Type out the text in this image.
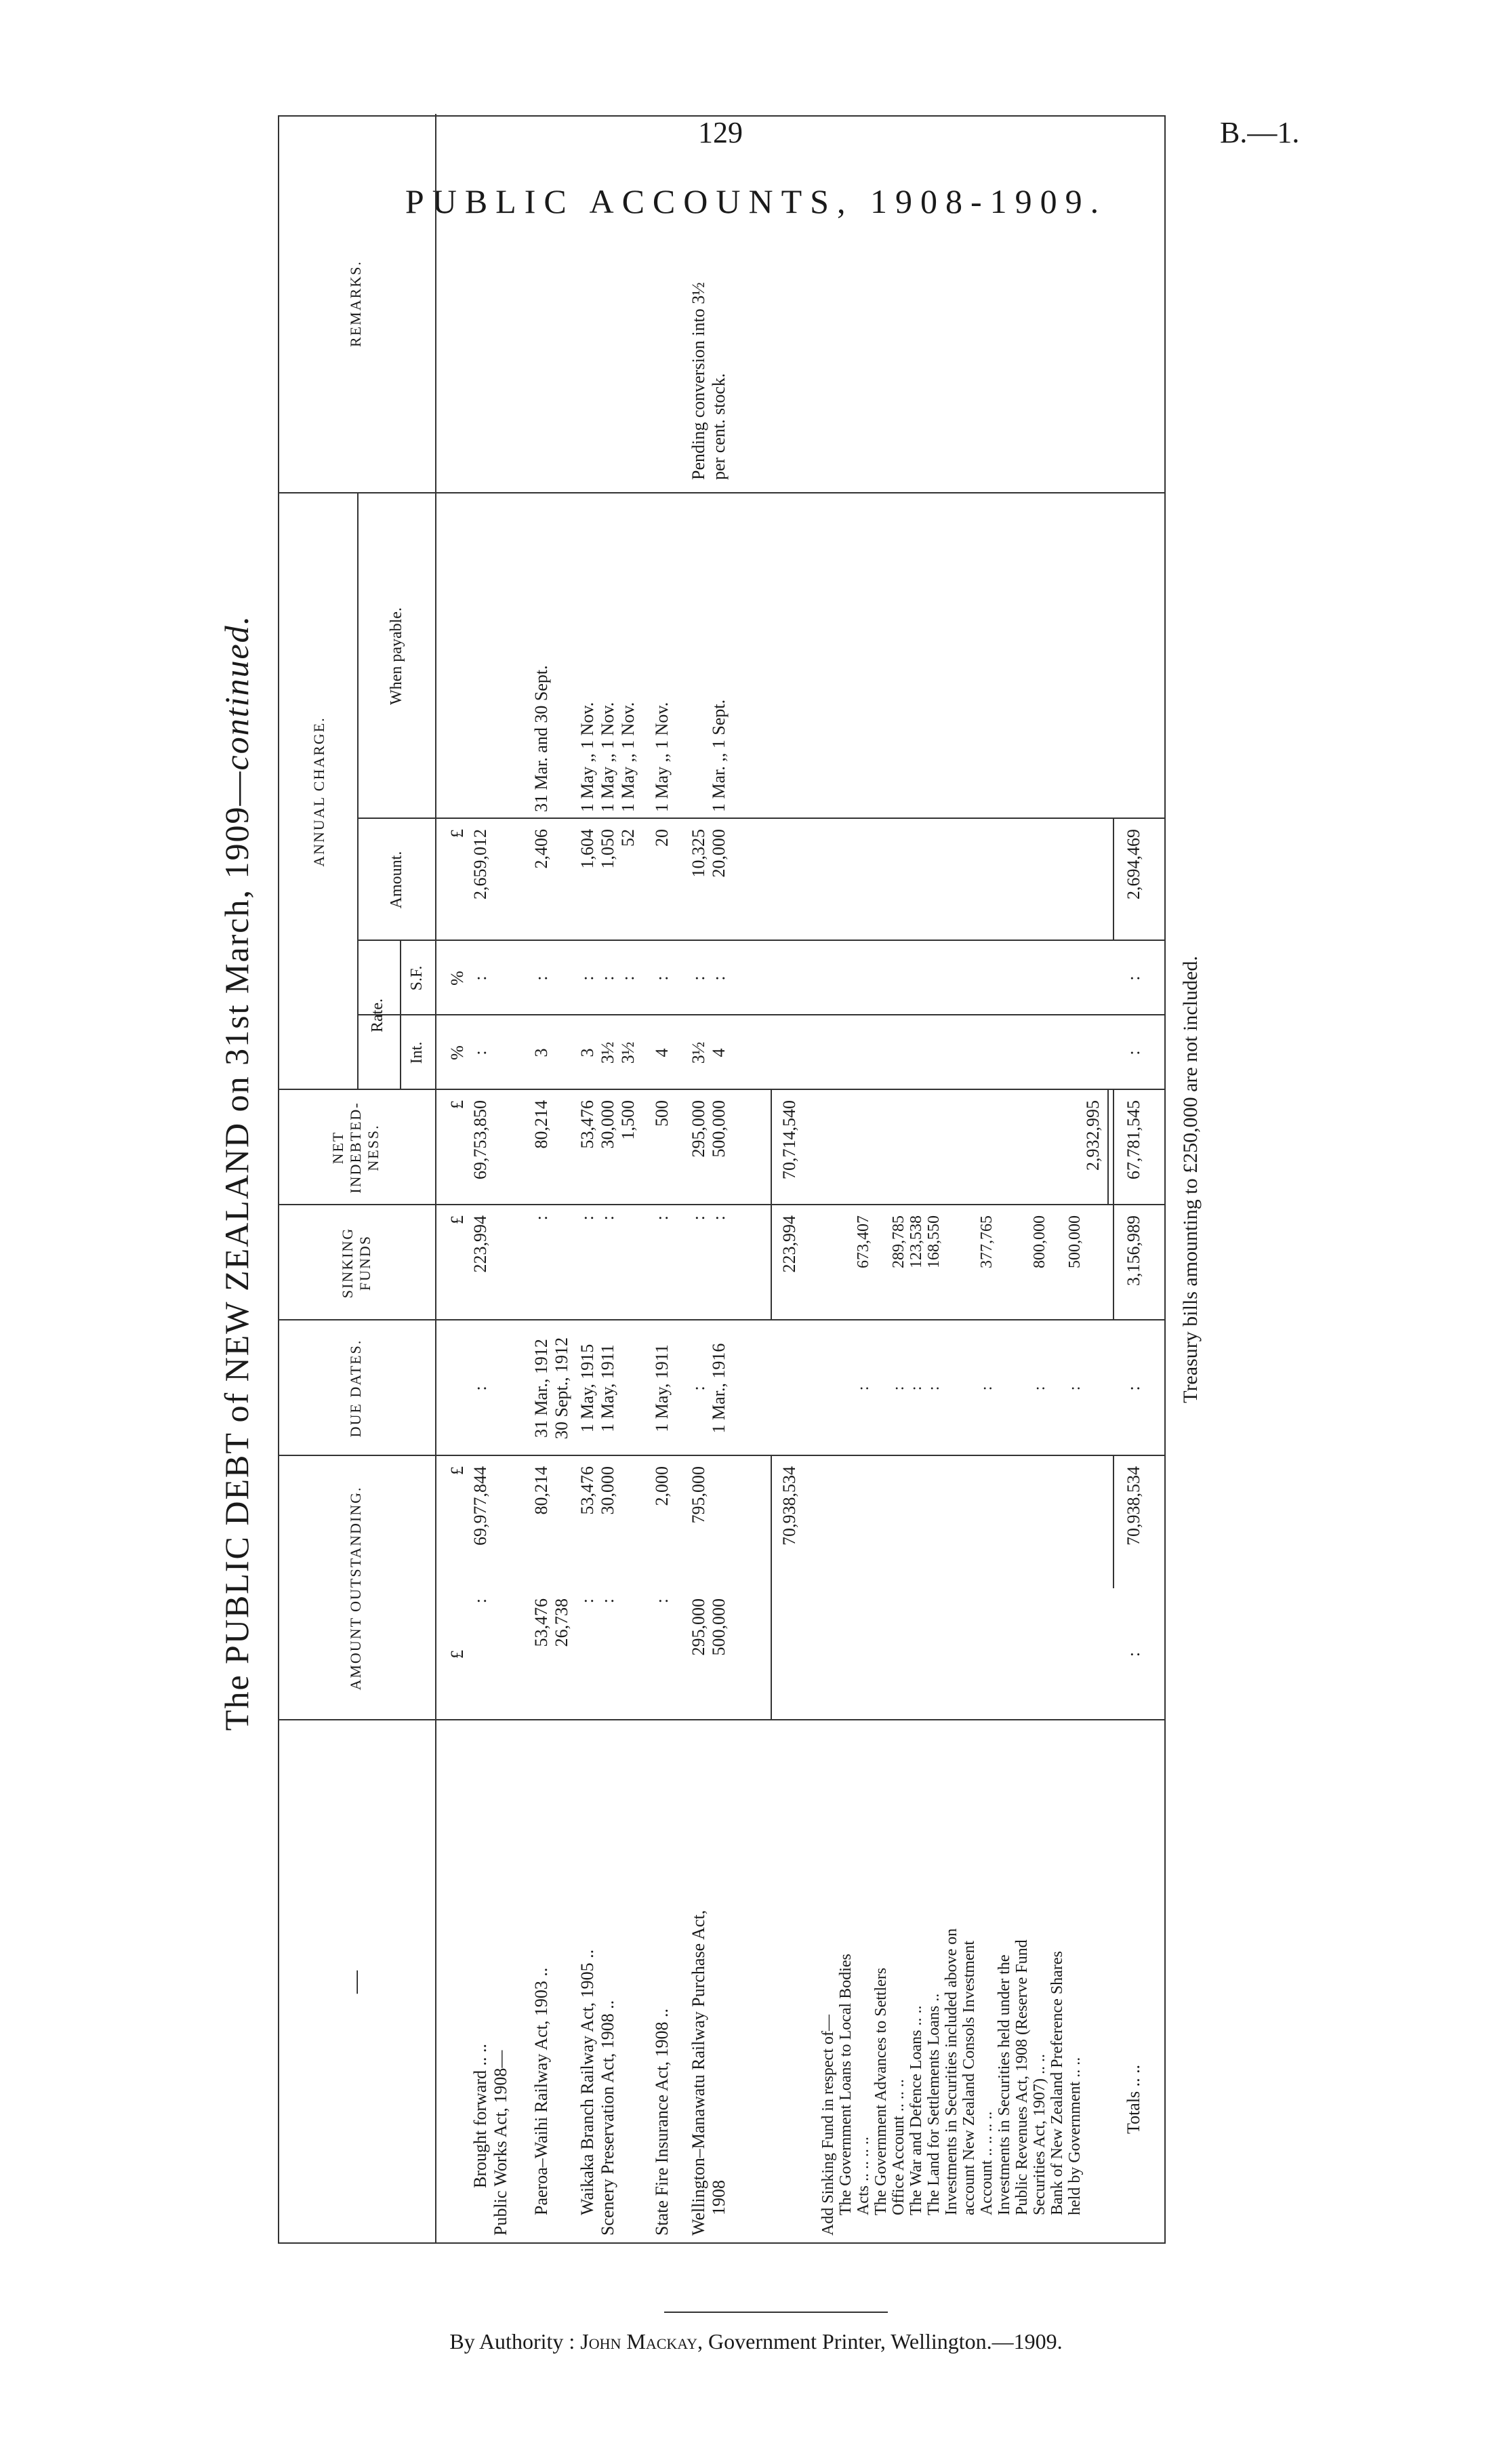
129	B.—1.
PUBLIC ACCOUNTS, 1908-1909.
The PUBLIC DEBT of NEW ZEALAND on 31st March, 1909—continued.
—
AMOUNT OUTSTANDING.
DUE DATES.
SINKING FUNDS
NET INDEBTED-NESS.
ANNUAL CHARGE.
Rate.
Int.
S.F.
Amount.
When payable.
REMARKS.
£
£
£
£
%
%
£
Brought forward .. ..
:
69,977,844
:
223,994
69,753,850
:
:
2,659,012
Public Works Act, 1908— Paeroa–Waihi Railway Act, 1903 ..
53,476
80,214
31 Mar., 1912
:
80,214
3
:
2,406
31 Mar. and 30 Sept.
26,738
30 Sept., 1912
Waikaka Branch Railway Act, 1905 ..
:
53,476
1 May, 1915
:
53,476
3
:
1,604
1 May ,, 1 Nov.
Scenery Preservation Act, 1908 ..
:
30,000
1 May, 1911
:
30,000
3½
:
1,050
1 May ,, 1 Nov.
1,500
3½
:
52
1 May ,, 1 Nov.
State Fire Insurance Act, 1908 ..
:
2,000
1 May, 1911
:
500
4
:
20
1 May ,, 1 Nov.
Wellington–Manawatu Railway Purchase Act,
295,000
795,000
:
:
295,000
3½
:
10,325
Pending conversion into 3½
1908
500,000
1 Mar., 1916
:
500,000
4
:
20,000
1 Mar. ,, 1 Sept.
per cent. stock.
70,938,534
223,994
70,714,540
Add Sinking Fund in respect of— The Government Loans to Local Bodies Acts .. .. .. ..
:
673,407
The Government Advances to Settlers Office Account .. .. ..
:
289,785
The War and Defence Loans .. ..
:
123,538
The Land for Settlements Loans ..
:
168,550
Investments in Securities included above on account New Zealand Consols Investment Account .. .. .. ..
:
377,765
Investments in Securities held under the Public Revenues Act, 1908 (Reserve Fund Securities Act, 1907) .. ..
:
800,000
Bank of New Zealand Preference Shares held by Government .. ..
:
500,000
2,932,995
Totals .. ..
:
70,938,534
:
3,156,989
67,781,545
:
:
2,694,469
Treasury bills amounting to £250,000 are not included.
By Authority : John Mackay, Government Printer, Wellington.—1909.
